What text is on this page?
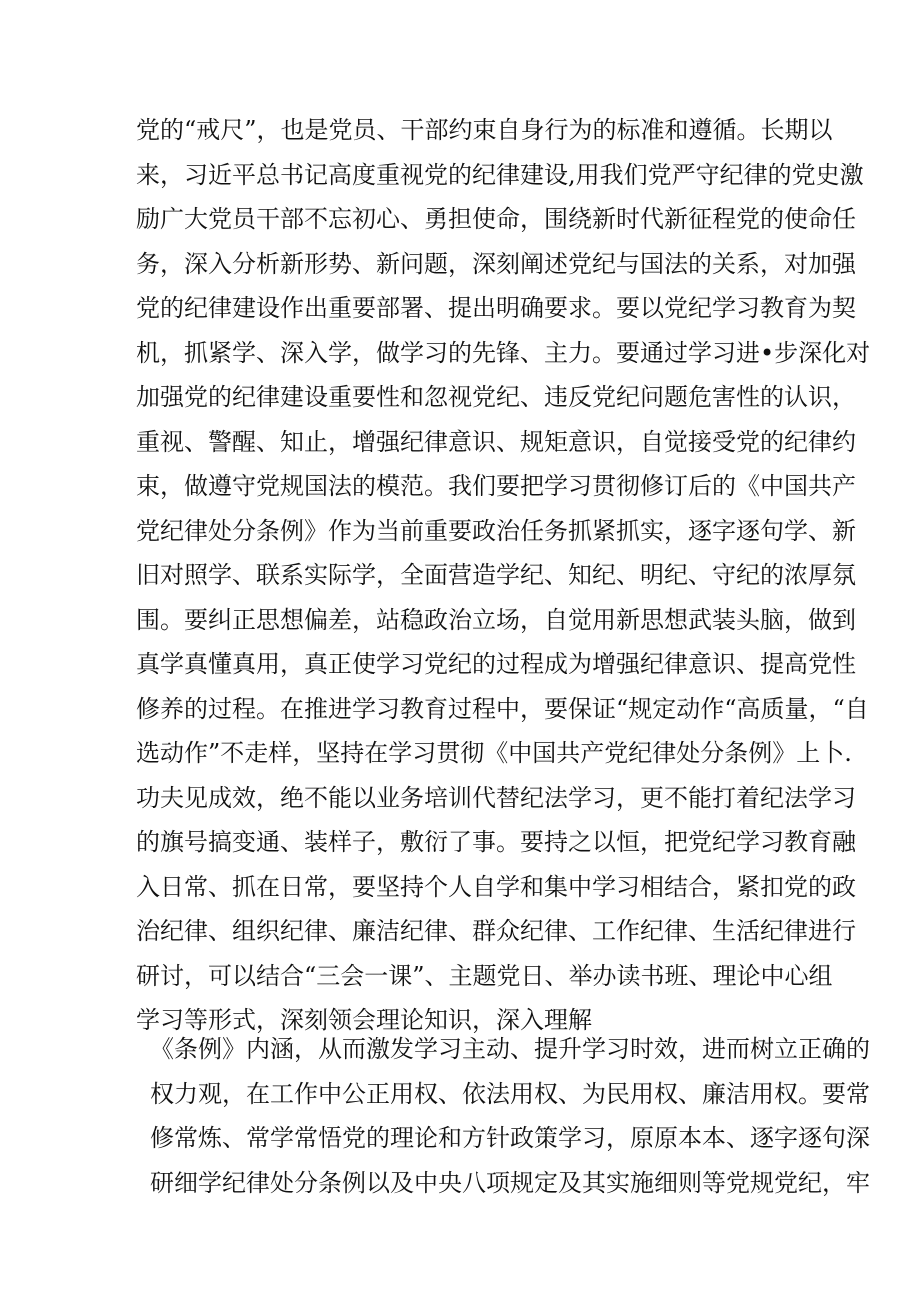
党的“戒尺”，也是党员、干部约束自身行为的标准和遵循。长期以
来，习近平总书记高度重视党的纪律建设,用我们党严守纪律的党史激
励广大党员干部不忘初心、勇担使命，围绕新时代新征程党的使命任
务，深入分析新形势、新问题，深刻阐述党纪与国法的关系，对加强
党的纪律建设作出重要部署、提出明确要求。要以党纪学习教育为契
机，抓紧学、深入学，做学习的先锋、主力。要通过学习进•步深化对
加强党的纪律建设重要性和忽视党纪、违反党纪问题危害性的认识，
重视、警醒、知止，增强纪律意识、规矩意识，自觉接受党的纪律约
束，做遵守党规国法的模范。我们要把学习贯彻修订后的《中国共产
党纪律处分条例》作为当前重要政治任务抓紧抓实，逐字逐句学、新
旧对照学、联系实际学，全面营造学纪、知纪、明纪、守纪的浓厚氛
围。要纠正思想偏差，站稳政治立场，自觉用新思想武装头脑，做到
真学真懂真用，真正使学习党纪的过程成为增强纪律意识、提高党性
修养的过程。在推进学习教育过程中，要保证“规定动作“高质量，“自
选动作”不走样，坚持在学习贯彻《中国共产党纪律处分条例》上卜.
功夫见成效，绝不能以业务培训代替纪法学习，更不能打着纪法学习
的旗号搞变通、装样子，敷衍了事。要持之以恒，把党纪学习教育融
入日常、抓在日常，要坚持个人自学和集中学习相结合，紧扣党的政
治纪律、组织纪律、廉洁纪律、群众纪律、工作纪律、生活纪律进行
研讨，可以结合“三会一课”、主题党日、举办读书班、理论中心组
学习等形式，深刻领会理论知识，深入理解
《条例》内涵，从而激发学习主动、提升学习时效，进而树立正确的
权力观，在工作中公正用权、依法用权、为民用权、廉洁用权。要常
修常炼、常学常悟党的理论和方针政策学习，原原本本、逐字逐句深
研细学纪律处分条例以及中央八项规定及其实施细则等党规党纪，牢
